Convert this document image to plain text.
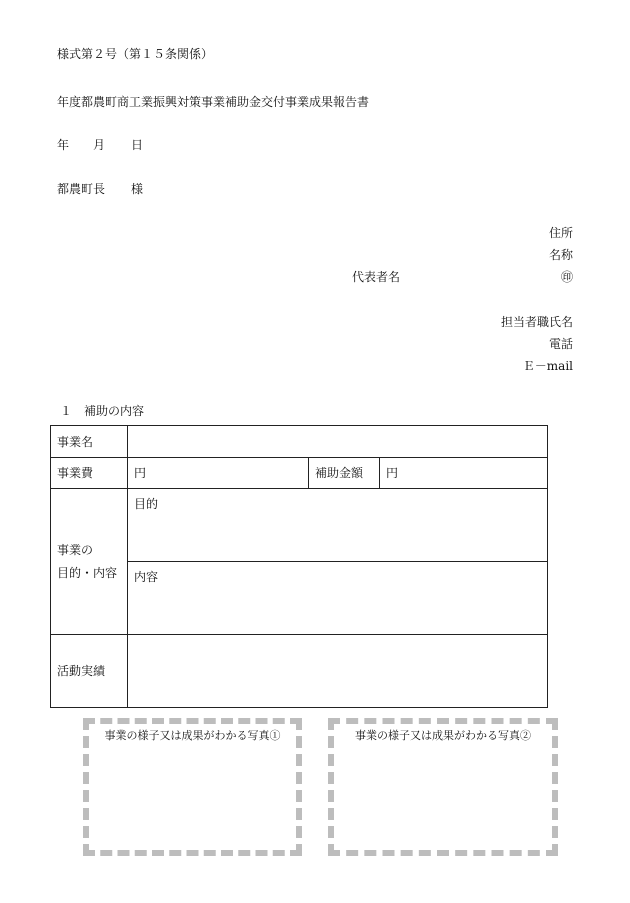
様式第２号（第１５条関係）
年度都農町商工業振興対策事業補助金交付事業成果報告書
年 月 日
都農町長 様
住所
名称
代表者名	㊞
担当者職氏名
電話
Ｅ－mail
１ 補助の内容
事業名			
事業費	円	補助金額	円

事業の
目的・内容	目的		
	内容		
活動実績			
事業の様子又は成果がわかる写真①	事業の様子又は成果がわかる写真②
